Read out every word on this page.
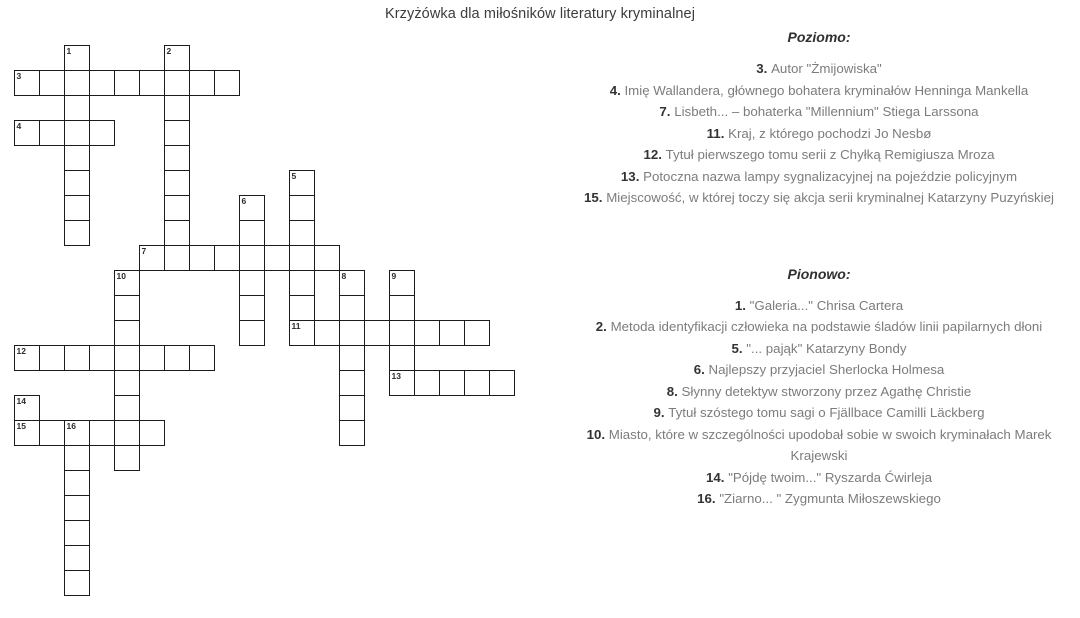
Krzyżówka dla miłośników literatury kryminalnej
1	2
3
4
5
11
6
7
8	9
13
10
12
14
15	16
Poziomo:
3. Autor "Żmijowiska"
4. Imię Wallandera, głównego bohatera kryminałów Henninga Mankella
7. Lisbeth... – bohaterka "Millennium" Stiega Larssona
11. Kraj, z którego pochodzi Jo Nesbø
12. Tytuł pierwszego tomu serii z Chyłką Remigiusza Mroza
13. Potoczna nazwa lampy sygnalizacyjnej na pojeździe policyjnym
15. Miejscowość, w której toczy się akcja serii kryminalnej Katarzyny Puzyńskiej
Pionowo:
1. "Galeria..." Chrisa Cartera
2. Metoda identyfikacji człowieka na podstawie śladów linii papilarnych dłoni
5. "... pająk" Katarzyny Bondy
6. Najlepszy przyjaciel Sherlocka Holmesa
8. Słynny detektyw stworzony przez Agathę Christie
9. Tytuł szóstego tomu sagi o Fjällbace Camilli Läckberg
10. Miasto, które w szczególności upodobał sobie w swoich kryminałach Marek Krajewski
14. "Pójdę twoim..." Ryszarda Ćwirleja
16. "Ziarno... " Zygmunta Miłoszewskiego
